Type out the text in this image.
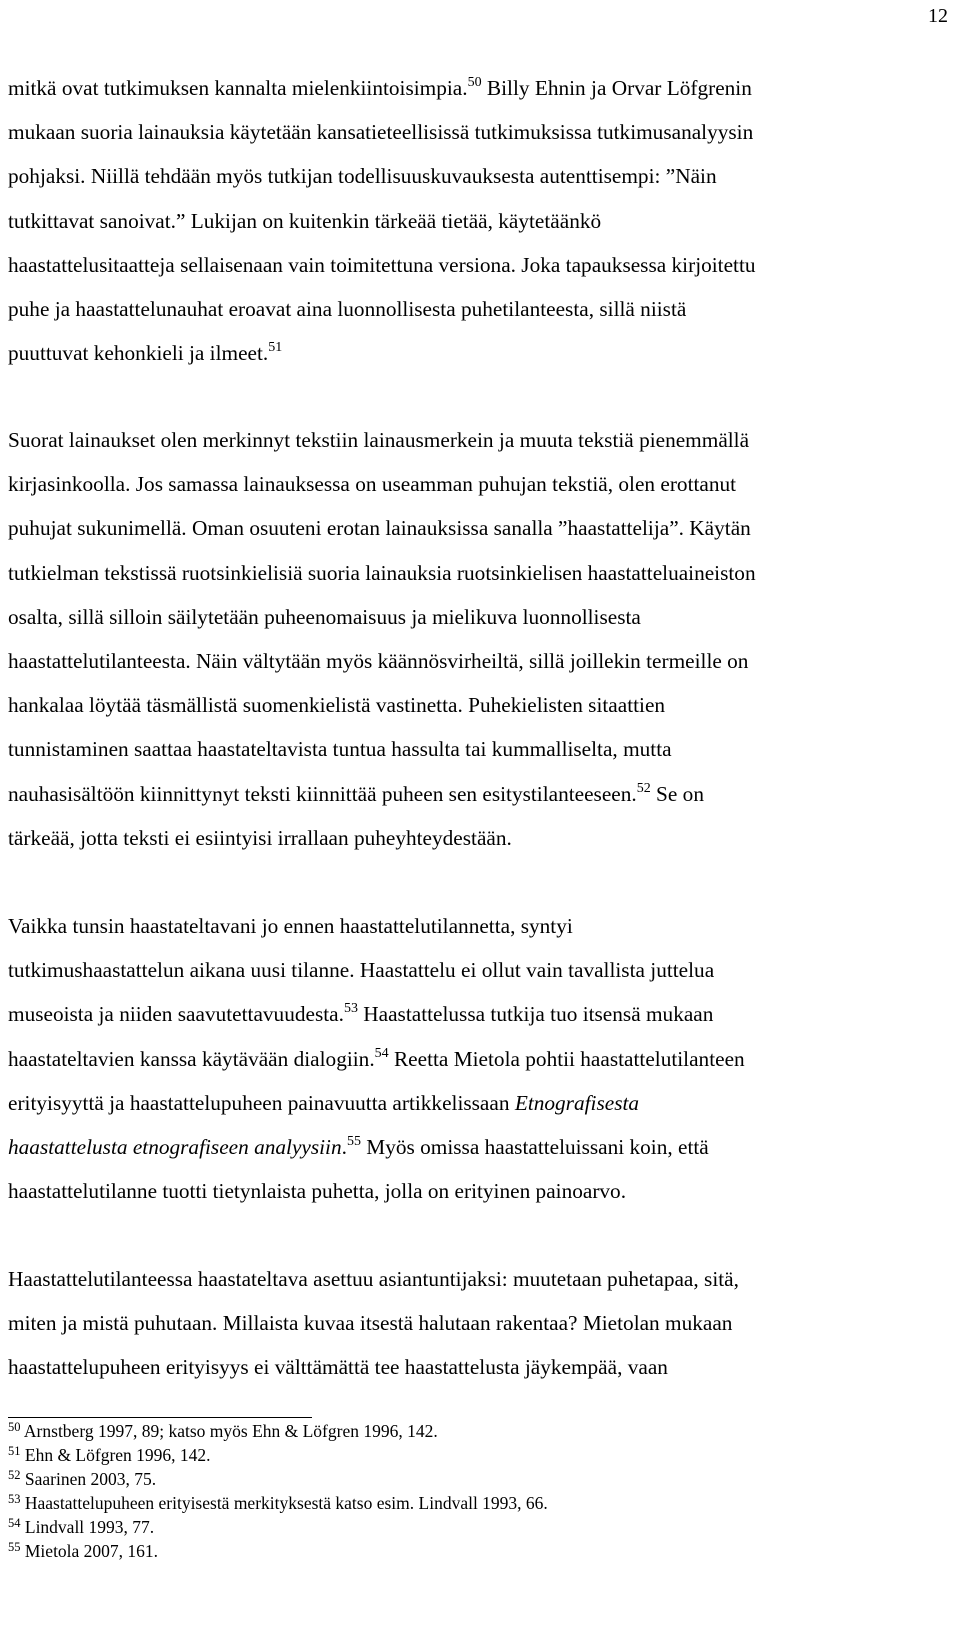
12

mitkä ovat tutkimuksen kannalta mielenkiintoisimpia.$^{50}$ Billy Ehnin ja Orvar Löfgrenin

mukaan suoria lainauksia käytetään kansatieteellisissä tutkimuksissa tutkimusanalyysin

pohjaksi. Niillä tehdään myös tutkijan todellisuuskuvauksesta autenttisempi: ”Näin

tutkittavat sanoivat.” Lukijan on kuitenkin tärkeää tietää, käytetäänkö

haastattelusitaatteja sellaisenaan vain toimitettuna versiona. Joka tapauksessa kirjoitettu

puhe ja haastattelunauhat eroavat aina luonnollisesta puhetilanteesta, sillä niistä

puuttuvat kehonkieli ja ilmeet.$^{51}$

Suorat lainaukset olen merkinnyt tekstiin lainausmerkein ja muuta tekstiä pienemmällä

kirjasinkoolla. Jos samassa lainauksessa on useamman puhujan tekstiä, olen erottanut

puhujat sukunimellä. Oman osuuteni erotan lainauksissa sanalla ”haastattelija”. Käytän

tutkielman tekstissä ruotsinkielisiä suoria lainauksia ruotsinkielisen haastatteluaineiston

osalta, sillä silloin säilytetään puheenomaisuus ja mielikuva luonnollisesta

haastattelutilanteesta. Näin vältytään myös käännösvirheiltä, sillä joillekin termeille on

hankalaa löytää täsmällistä suomenkielistä vastinetta. Puhekielisten sitaattien

tunnistaminen saattaa haastateltavista tuntua hassulta tai kummalliselta, mutta

nauhasisältöön kiinnittynyt teksti kiinnittää puheen sen esitystilanteeseen.$^{52}$ Se on

tärkeää, jotta teksti ei esiintyisi irrallaan puheyhteydestään.

Vaikka tunsin haastateltavani jo ennen haastattelutilannetta, syntyi

tutkimushaastattelun aikana uusi tilanne. Haastattelu ei ollut vain tavallista juttelua

museoista ja niiden saavutettavuudesta.$^{53}$ Haastattelussa tutkija tuo itsensä mukaan

haastateltavien kanssa käytävään dialogiin.$^{54}$ Reetta Mietola pohtii haastattelutilanteen

erityisyyttä ja haastattelupuheen painavuutta artikkelissaan Etnografisesta

haastattelusta etnografiseen analyysiin.$^{55}$ Myös omissa haastatteluissani koin, että

haastattelutilanne tuotti tietynlaista puhetta, jolla on erityinen painoarvo.

Haastattelutilanteessa haastateltava asettuu asiantuntijaksi: muutetaan puhetapaa, sitä,

miten ja mistä puhutaan. Millaista kuvaa itsestä halutaan rakentaa? Mietolan mukaan

haastattelupuheen erityisyys ei välttämättä tee haastattelusta jäykempää, vaan

$^{50}$ Arnstberg 1997, 89; katso myös Ehn & Löfgren 1996, 142.
$^{51}$ Ehn & Löfgren 1996, 142.
$^{52}$ Saarinen 2003, 75.
$^{53}$ Haastattelupuheen erityisestä merkityksestä katso esim. Lindvall 1993, 66.
$^{54}$ Lindvall 1993, 77.
$^{55}$ Mietola 2007, 161.
